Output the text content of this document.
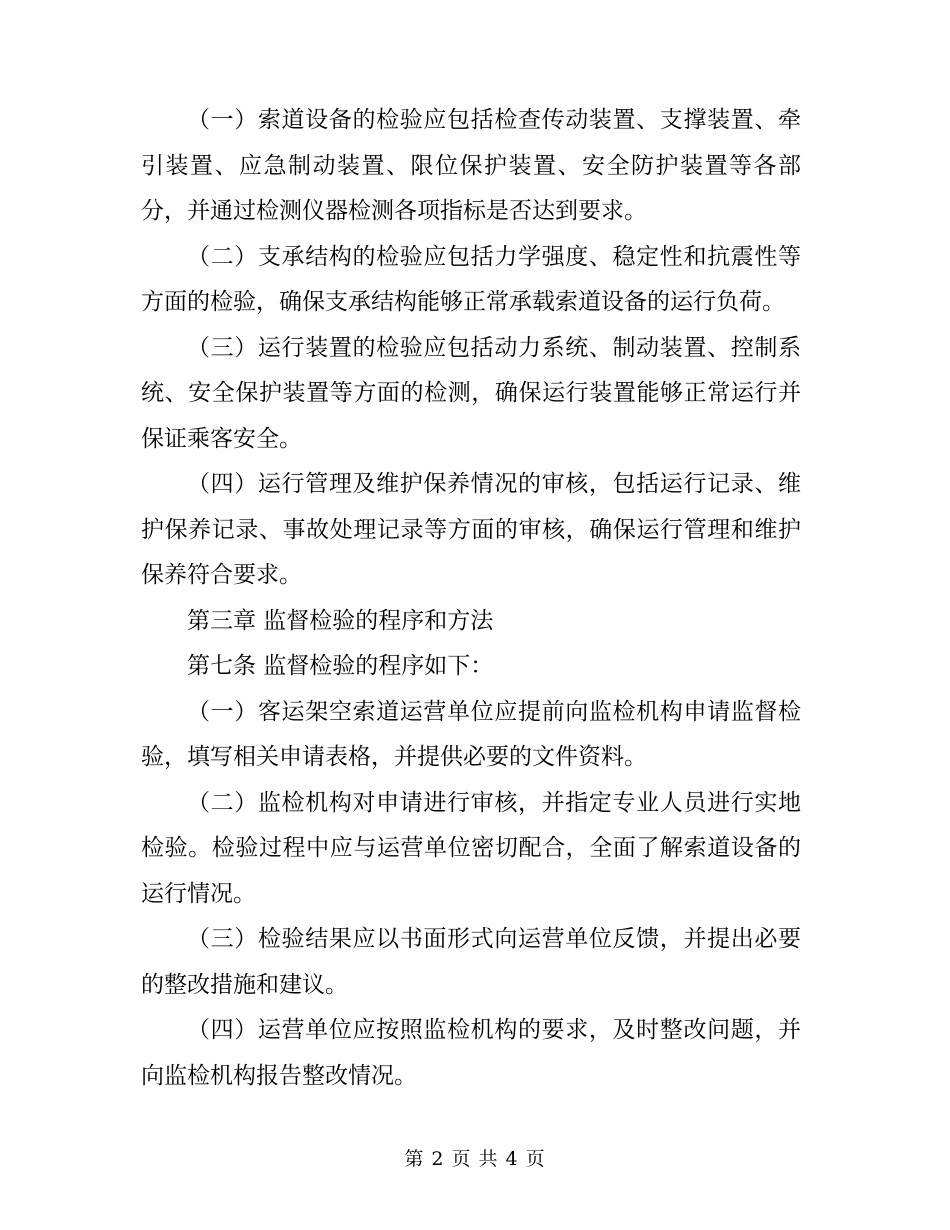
（一）索道设备的检验应包括检查传动装置、支撑装置、牵引装置、应急制动装置、限位保护装置、安全防护装置等各部分，并通过检测仪器检测各项指标是否达到要求。

（二）支承结构的检验应包括力学强度、稳定性和抗震性等方面的检验，确保支承结构能够正常承载索道设备的运行负荷。

（三）运行装置的检验应包括动力系统、制动装置、控制系统、安全保护装置等方面的检测，确保运行装置能够正常运行并保证乘客安全。

（四）运行管理及维护保养情况的审核，包括运行记录、维护保养记录、事故处理记录等方面的审核，确保运行管理和维护保养符合要求。

第三章 监督检验的程序和方法

第七条 监督检验的程序如下：

（一）客运架空索道运营单位应提前向监检机构申请监督检验，填写相关申请表格，并提供必要的文件资料。

（二）监检机构对申请进行审核，并指定专业人员进行实地检验。检验过程中应与运营单位密切配合，全面了解索道设备的运行情况。

（三）检验结果应以书面形式向运营单位反馈，并提出必要的整改措施和建议。

（四）运营单位应按照监检机构的要求，及时整改问题，并向监检机构报告整改情况。

第 2 页 共 4 页
